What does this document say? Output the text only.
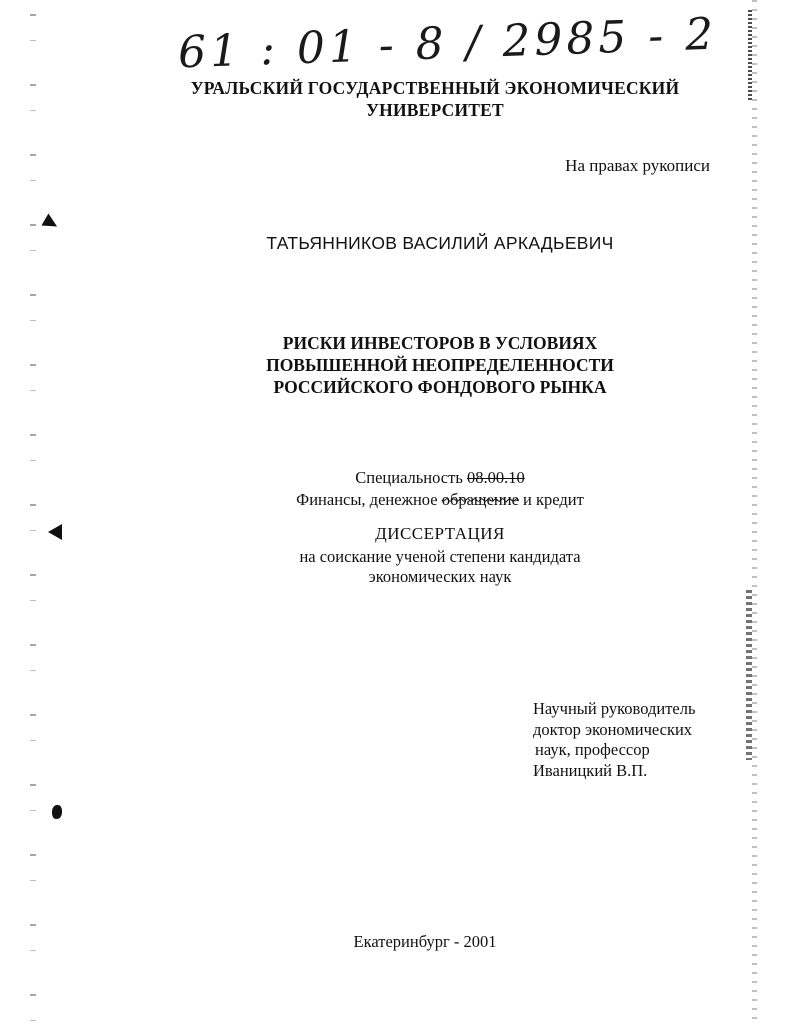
61 : 01 - 8 / 2985 - 2
УРАЛЬСКИЙ ГОСУДАРСТВЕННЫЙ ЭКОНОМИЧЕСКИЙ
УНИВЕРСИТЕТ
На правах рукописи
ТАТЬЯННИКОВ ВАСИЛИЙ АРКАДЬЕВИЧ
РИСКИ ИНВЕСТОРОВ В УСЛОВИЯХ
ПОВЫШЕННОЙ НЕОПРЕДЕЛЕННОСТИ
РОССИЙСКОГО ФОНДОВОГО РЫНКА
Специальность 08.00.10
Финансы, денежное обращение и кредит
ДИССЕРТАЦИЯ
на соискание ученой степени кандидата
экономических наук
Научный руководитель
доктор экономических
наук, профессор
Иваницкий В.П.
Екатеринбург - 2001
